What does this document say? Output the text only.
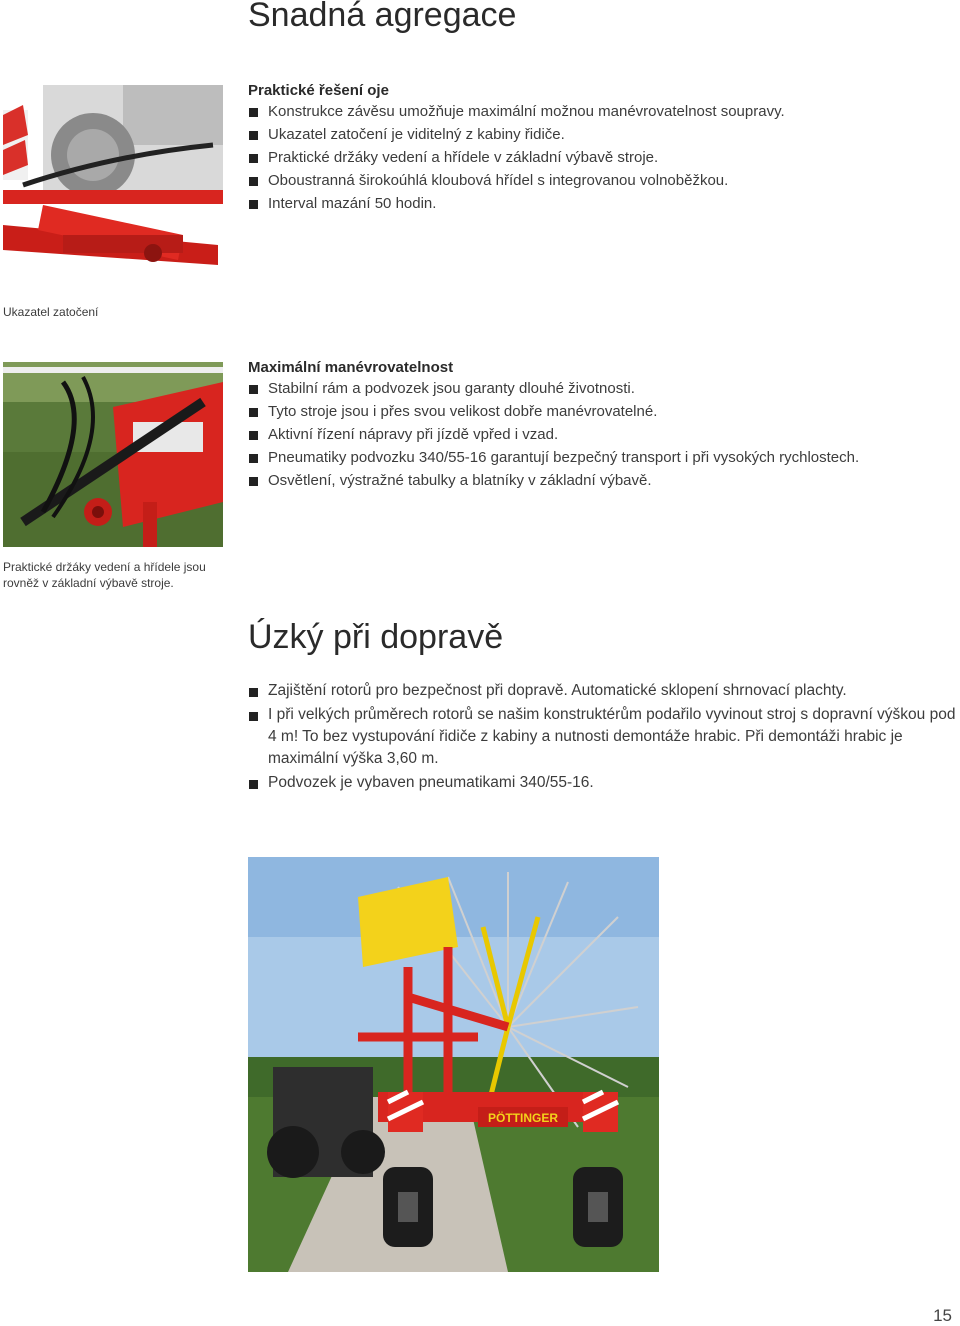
Snadná agregace
Praktické řešení oje
Konstrukce závěsu umožňuje maximální možnou manévrovatelnost soupravy.
Ukazatel zatočení je viditelný z kabiny řidiče.
Praktické držáky vedení a hřídele v základní výbavě stroje.
Oboustranná širokoúhlá kloubová hřídel s integrovanou volnoběžkou.
Interval mazání 50 hodin.
Ukazatel zatočení
Maximální manévrovatelnost
Stabilní rám a podvozek jsou garanty dlouhé životnosti.
Tyto stroje jsou i přes svou velikost dobře manévrovatelné.
Aktivní řízení nápravy při jízdě vpřed i vzad.
Pneumatiky podvozku 340/55-16 garantují bezpečný transport i při vysokých rychlostech.
Osvětlení, výstražné tabulky a blatníky v základní výbavě.
Praktické držáky vedení a hřídele jsou rovněž v základní výbavě stroje.
Úzký při dopravě
Zajištění rotorů pro bezpečnost při dopravě. Automatické sklopení shrnovací plachty.
I při velkých průměrech rotorů se našim konstruktérům podařilo vyvinout stroj s dopravní výškou pod 4 m! To bez vystupování řidiče z kabiny a nutnosti demontáže hrabic. Při demontáži hrabic je maximální výška 3,60 m.
Podvozek je vybaven pneumatikami 340/55-16.
PÖTTINGER
15
